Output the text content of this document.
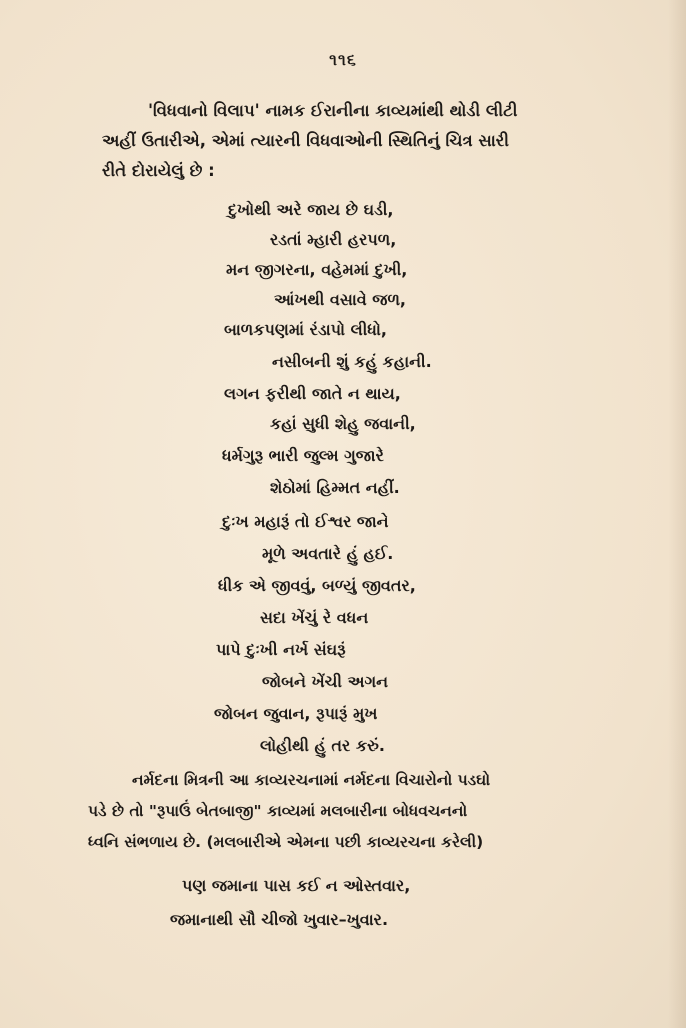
૧૧૬
'વિધવાનો વિલાપ' નામક ઈરાનીના કાવ્યમાંથી થોડી લીટી
અહીં ઉતારીએ, એમાં ત્યારની વિધવાઓની સ્થિતિનું ચિત્ર સારી
રીતે દોરાયેલું છે :
દુખોથી અરે જાય છે ઘડી,
રડતાં મ્હારી હરપળ,
મન જીગરના, વહેમમાં દુખી,
આંખથી વસાવે જળ,
બાળકપણમાં રંડાપો લીધો,
નસીબની શું કહું કહાની.
લગન ફરીથી જાતે ન થાય,
કહાં સુધી શેહુ જવાની,
ધર્મગુરૂ ભારી જુલ્મ ગુજારે
શેઠોમાં હિમ્મત નહીં.
દુઃખ મહારૂં તો ઈશ્વર જાને
મૂળે અવતારે હું હઈ.
ધીક એ જીવવું, બળ્યું જીવતર,
સદા ખેંચું રે વધન
પાપે દુઃખી નર્ખ સંઘરૂં
જોબને ખેંચી અગન
જોબન જુવાન, રૂપારૂં મુખ
લોહીથી હું તર કરું.
નર્મદના મિત્રની આ કાવ્યરચનામાં નર્મદના વિચારોનો પડઘો
પડે છે તો "રૂપાઉં બેતબાજી" કાવ્યમાં મલબારીના બોધવચનનો
ધ્વનિ સંભળાય છે. (મલબારીએ એમના પછી કાવ્યરચના કરેલી)
પણ જમાના પાસ કઈ ન ઓસ્તવાર,
જમાનાથી સૌ ચીજો ખુવાર–ખુવાર.
